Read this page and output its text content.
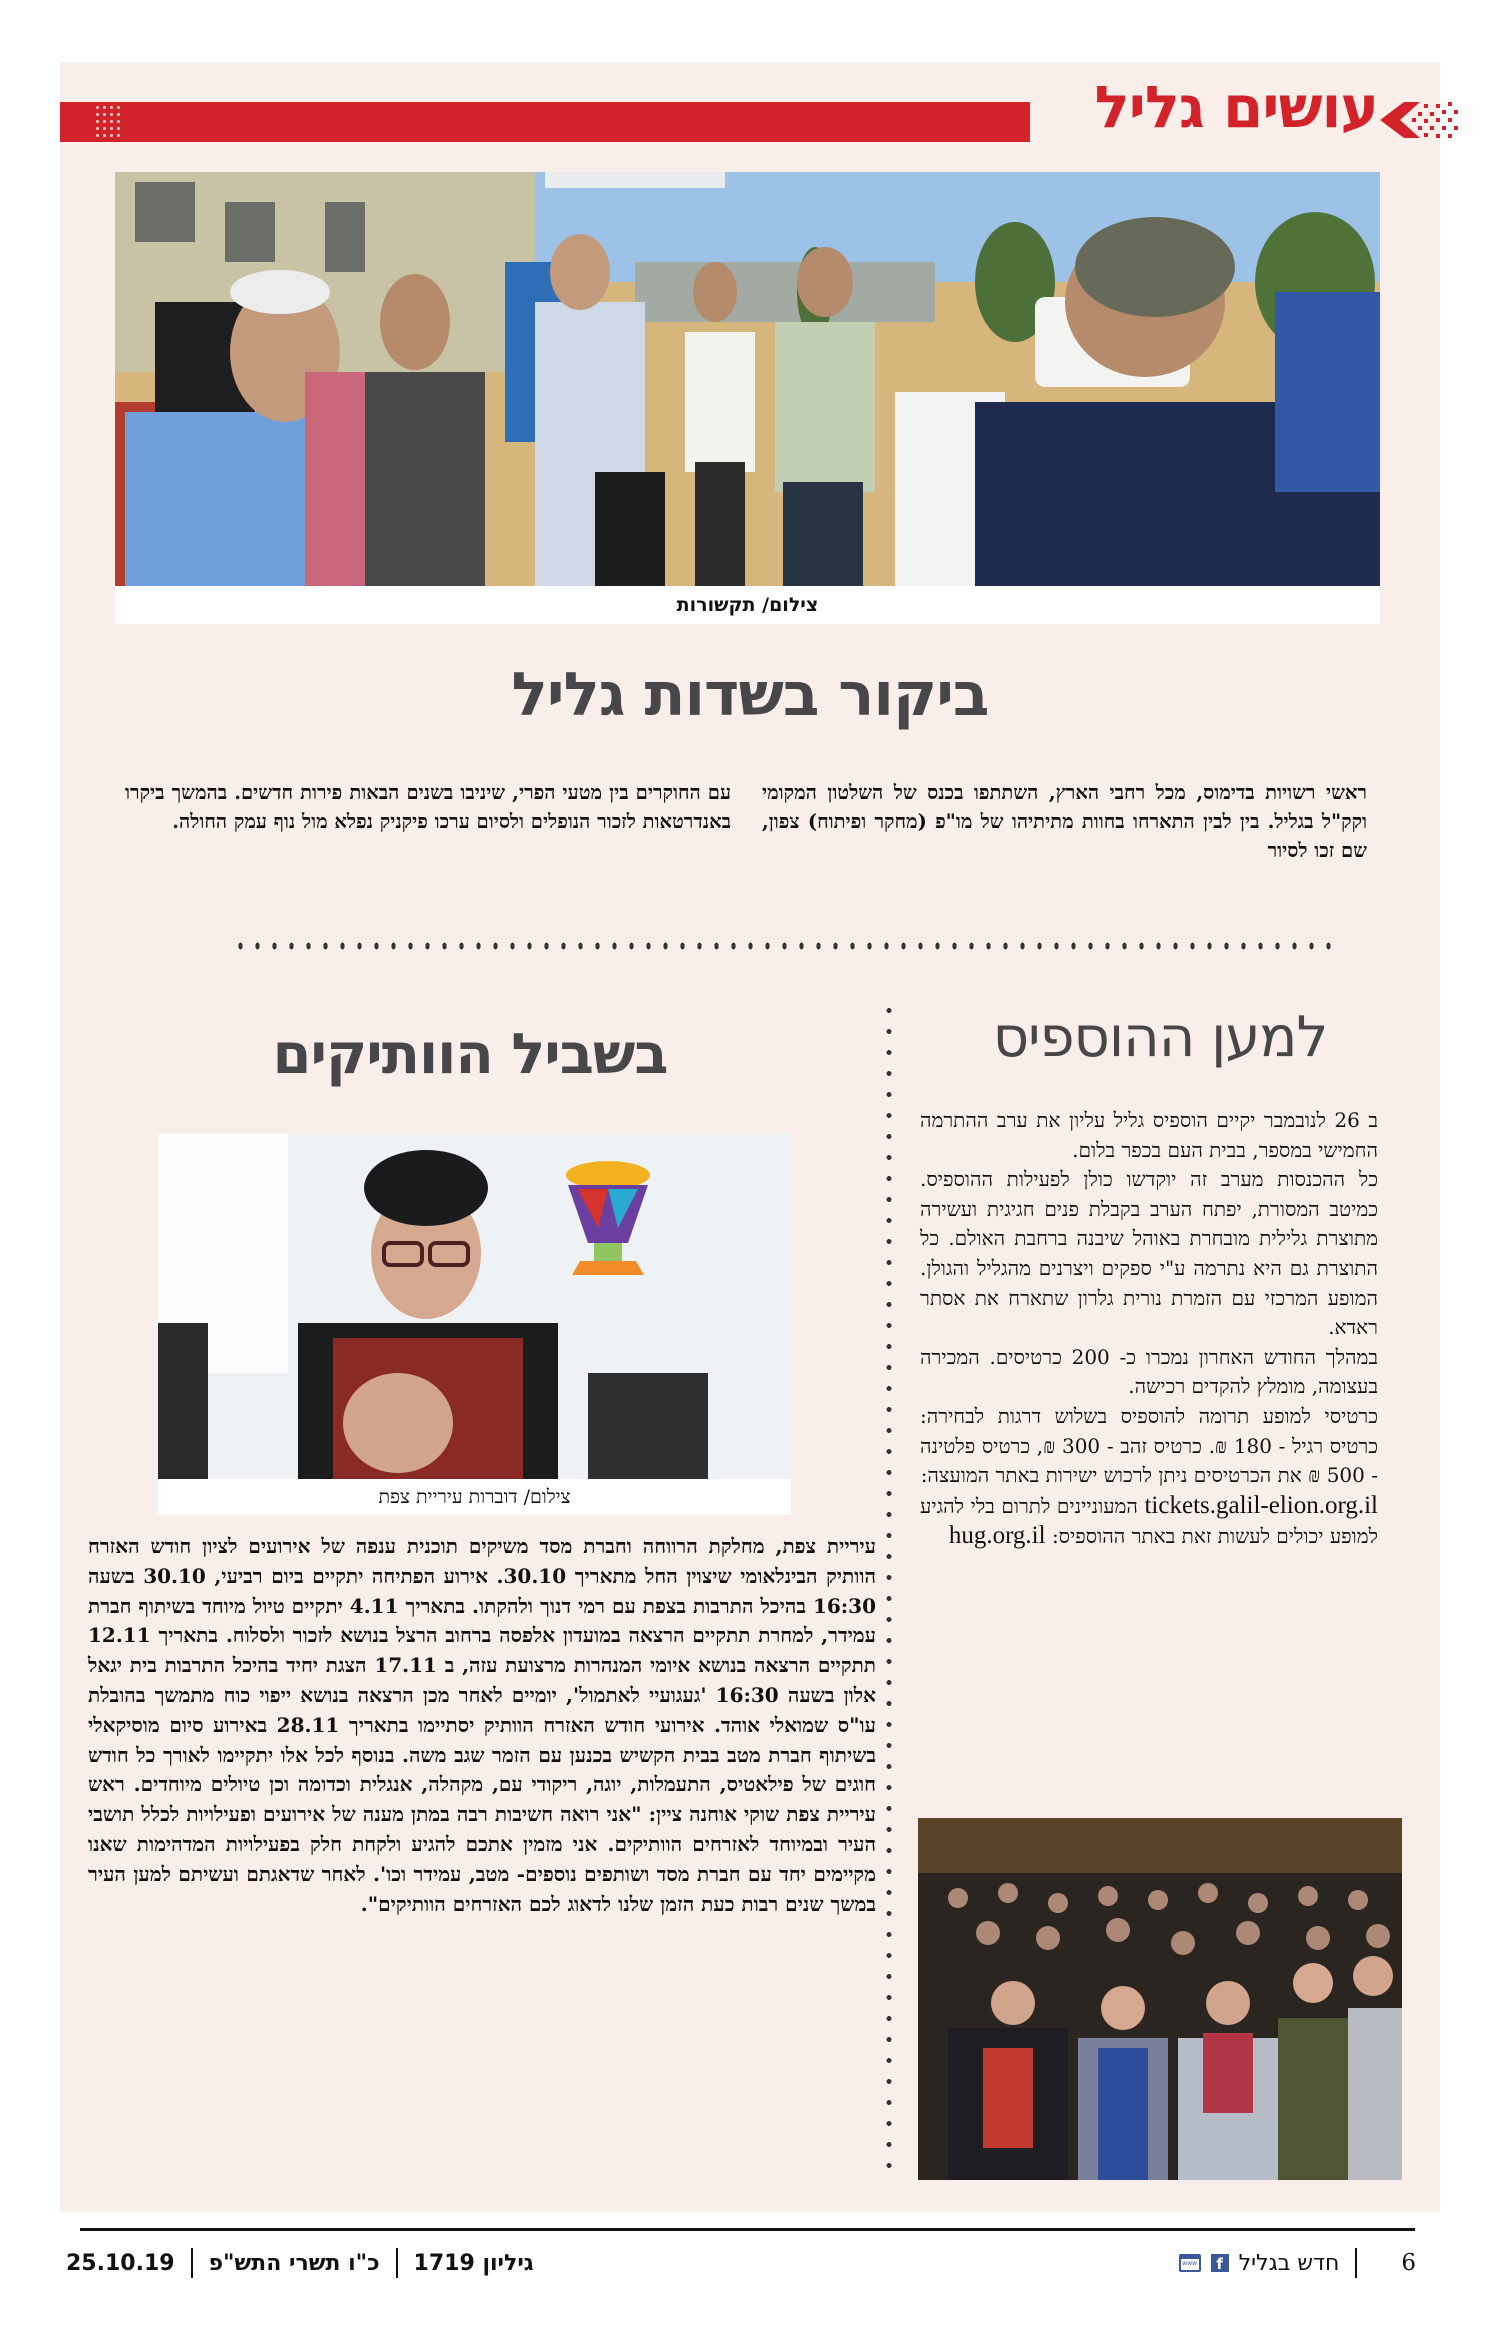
עושים גליל
צילום/ תקשורות
ביקור בשדות גליל
ראשי רשויות בדימוס, מכל רחבי הארץ, השתתפו בכנס של השלטון המקומי וקק"ל בגליל. בין לבין התארחו בחוות מתיתיהו של מו"פ (מחקר ופיתוח) צפון, שם זכו לסיור
עם החוקרים בין מטעי הפרי, שיניבו בשנים הבאות פירות חדשים. בהמשך ביקרו באנדרטאות לזכור הנופלים ולסיום ערכו פיקניק נפלא מול נוף עמק החולה.
למען ההוספיס

ב 26 לנובמבר יקיים הוספיס גליל עליון את ערב ההתרמה החמישי במספר, בבית העם בכפר בלום.

כל ההכנסות מערב זה יוקדשו כולן לפעילות ההוספיס. כמיטב המסורת, יפתח הערב בקבלת פנים חגיגית ועשירה מתוצרת גלילית מובחרת באוהל שיבנה ברחבת האולם. כל התוצרת גם היא נתרמה ע"י ספקים ויצרנים מהגליל והגולן. המופע המרכזי עם הזמרת נורית גלרון שתארח את אסתר ראדא.

במהלך החודש האחרון נמכרו כ- 200 כרטיסים. המכירה בעצומה, מומלץ להקדים רכישה.

כרטיסי למופע תרומה להוספיס בשלוש דרגות לבחירה: כרטיס רגיל - 180 ₪. כרטיס זהב - 300 ₪, כרטיס פלטינה - 500 ₪ את הכרטיסים ניתן לרכוש ישירות באתר המועצה:

tickets.galil-elion.org.il המעוניינים לתרום בלי להגיע למופע יכולים לעשות זאת באתר ההוספיס: hug.org.il

בשביל הוותיקים
צילום/ דוברות עיריית צפת
עיריית צפת, מחלקת הרווחה וחברת מסד משיקים תוכנית ענפה של אירועים לציון חודש האזרח הוותיק הבינלאומי שיצוין החל מתאריך 30.10. אירוע הפתיחה יתקיים ביום רביעי, 30.10 בשעה 16:30 בהיכל התרבות בצפת עם רמי דנוך ולהקתו. בתאריך 4.11 יתקיים טיול מיוחד בשיתוף חברת עמידר, למחרת תתקיים הרצאה במועדון אלפסה ברחוב הרצל בנושא לזכור ולסלוח. בתאריך 12.11 תתקיים הרצאה בנושא איומי המנהרות מרצועת עזה, ב 17.11 הצגת יחיד בהיכל התרבות בית יגאל אלון בשעה 16:30 'געגועיי לאתמול', יומיים לאחר מכן הרצאה בנושא ייפוי כוח מתמשך בהובלת עו"ס שמואלי אוהד. אירועי חודש האזרח הוותיק יסתיימו בתאריך 28.11 באירוע סיום מוסיקאלי בשיתוף חברת מטב בבית הקשיש בכנען עם הזמר שגב משה. בנוסף לכל אלו יתקיימו לאורך כל חודש חוגים של פילאטיס, התעמלות, יוגה, ריקודי עם, מקהלה, אנגלית וכדומה וכן טיולים מיוחדים. ראש עיריית צפת שוקי אוחנה ציין: "אני רואה חשיבות רבה במתן מענה של אירועים ופעילויות לכלל תושבי העיר ובמיוחד לאזרחים הוותיקים. אני מזמין אתכם להגיע ולקחת חלק בפעילויות המדהימות שאנו מקיימים יחד עם חברת מסד ושותפים נוספים- מטב, עמידר וכו'. לאחר שדאגתם ועשיתם למען העיר במשך שנים רבות כעת הזמן שלנו לדאוג לכם האזרחים הוותיקים".
6
חדש בגליל
f
www
גיליון 1719
כ"ו תשרי התש"פ
25.10.19
